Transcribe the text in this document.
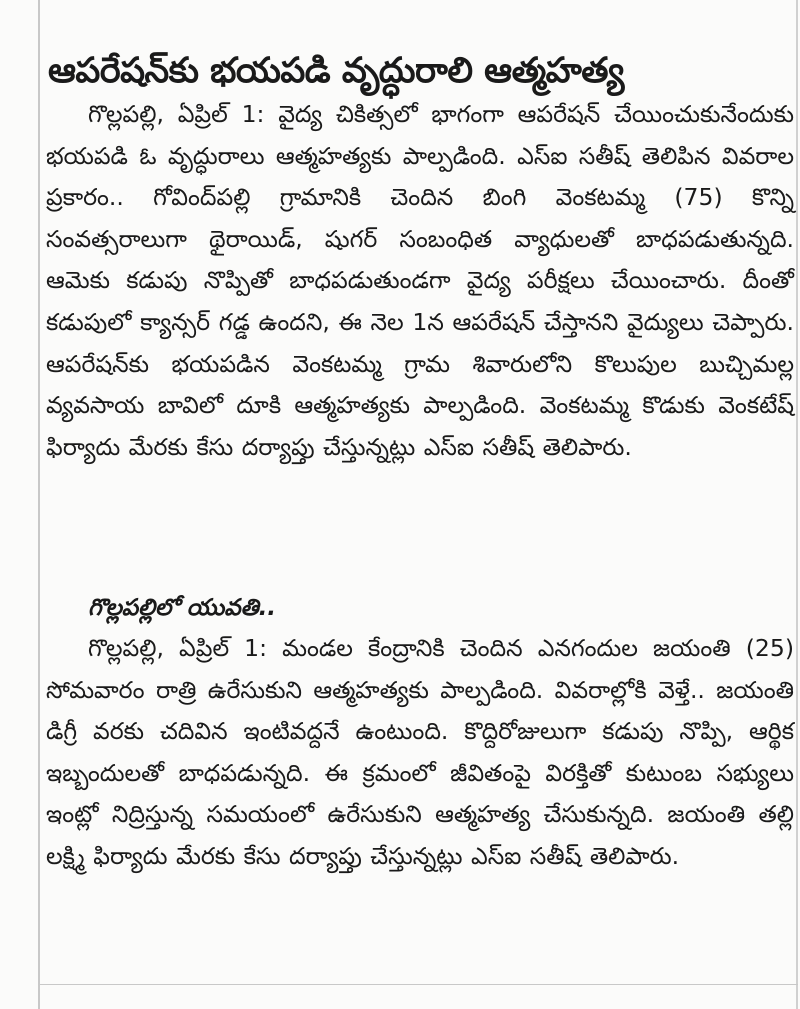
ఆపరేషన్‌కు భయపడి వృద్ధురాలి ఆత్మహత్య

గొల్లపల్లి, ఏప్రిల్ 1: వైద్య చికిత్సలో భాగంగా ఆపరేషన్ చేయించుకునేందుకు భయపడి ఓ వృద్ధురాలు ఆత్మహత్యకు పాల్పడింది. ఎస్ఐ సతీష్ తెలిపిన వివరాల ప్రకారం.. గోవింద్‌పల్లి గ్రామానికి చెందిన బింగి వెంకటమ్మ (75) కొన్ని సంవత్సరాలుగా థైరాయిడ్, షుగర్ సంబంధిత వ్యాధులతో బాధపడుతున్నది. ఆమెకు కడుపు నొప్పితో బాధపడుతుండగా వైద్య పరీక్షలు చేయించారు. దీంతో కడుపులో క్యాన్సర్ గడ్డ ఉందని, ఈ నెల 1న ఆపరేషన్ చేస్తానని వైద్యులు చెప్పారు. ఆపరేషన్‌కు భయపడిన వెంకటమ్మ గ్రామ శివారులోని కొలుపుల బుచ్చిమల్ల వ్యవసాయ బావిలో దూకి ఆత్మహత్యకు పాల్పడింది. వెంకటమ్మ కొడుకు వెంకటేష్ ఫిర్యాదు మేరకు కేసు దర్యాప్తు చేస్తున్నట్లు ఎస్ఐ సతీష్ తెలిపారు.

గొల్లపల్లిలో యువతి..

గొల్లపల్లి, ఏప్రిల్ 1: మండల కేంద్రానికి చెందిన ఎనగందుల జయంతి (25) సోమవారం రాత్రి ఉరేసుకుని ఆత్మహత్యకు పాల్పడింది. వివరాల్లోకి వెళ్తే.. జయంతి డిగ్రీ వరకు చదివిన ఇంటివద్దనే ఉంటుంది. కొద్దిరోజులుగా కడుపు నొప్పి, ఆర్థిక ఇబ్బందులతో బాధపడున్నది. ఈ క్రమంలో జీవితంపై విరక్తితో కుటుంబ సభ్యులు ఇంట్లో నిద్రిస్తున్న సమయంలో ఉరేసుకుని ఆత్మహత్య చేసుకున్నది. జయంతి తల్లి లక్ష్మి ఫిర్యాదు మేరకు కేసు దర్యాప్తు చేస్తున్నట్లు ఎస్ఐ సతీష్ తెలిపారు.
